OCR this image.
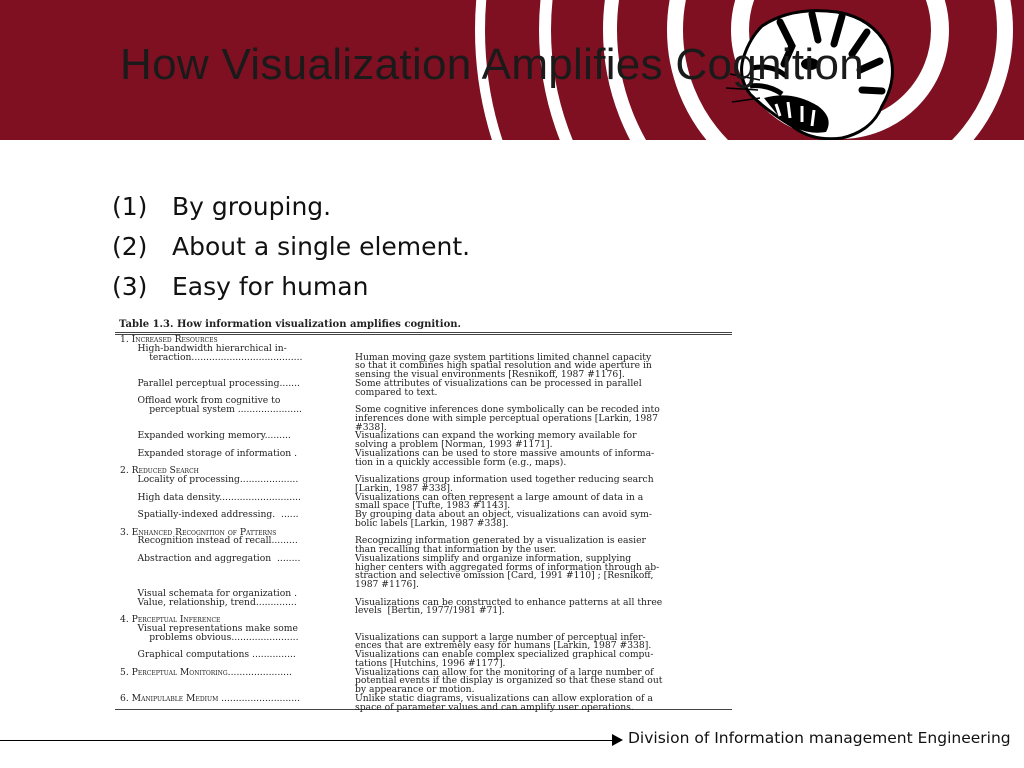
How Visualization Amplifies Cognition
(1) By grouping.
(2) About a single element.
(3) Easy for human
Table 1.3. How information visualization amplifies cognition.
1. Increased Resources
High-bandwidth hierarchical in-
teraction......................................	Human moving gaze system partitions limited channel capacity
so that it combines high spatial resolution and wide aperture in
sensing the visual environments [Resnikoff, 1987 #1176].
Parallel perceptual processing.......	Some attributes of visualizations can be processed in parallel
compared to text.
Offload work from cognitive to
perceptual system ......................	Some cognitive inferences done symbolically can be recoded into
inferences done with simple perceptual operations [Larkin, 1987
#338].
Expanded working memory.........	Visualizations can expand the working memory available for
solving a problem [Norman, 1993 #1171].
Expanded storage of information .	Visualizations can be used to store massive amounts of informa-
tion in a quickly accessible form (e.g., maps).
2. Reduced Search
Locality of processing....................	Visualizations group information used together reducing search
[Larkin, 1987 #338].
High data density............................	Visualizations can often represent a large amount of data in a
small space [Tufte, 1983 #1143].
Spatially-indexed addressing.  ......	By grouping data about an object, visualizations can avoid sym-
bolic labels [Larkin, 1987 #338].
3. Enhanced Recognition of Patterns
Recognition instead of recall.........	Recognizing information generated by a visualization is easier
than recalling that information by the user.
Abstraction and aggregation  ........	Visualizations simplify and organize information, supplying
higher centers with aggregated forms of information through ab-
straction and selective omission [Card, 1991 #110] ; [Resnikoff,
1987 #1176].
Visual schemata for organization .
Value, relationship, trend..............	Visualizations can be constructed to enhance patterns at all three
levels  [Bertin, 1977/1981 #71].
4. Perceptual Inference
Visual representations make some
problems obvious.......................	Visualizations can support a large number of perceptual infer-
ences that are extremely easy for humans [Larkin, 1987 #338].
Graphical computations ...............	Visualizations can enable complex specialized graphical compu-
tations [Hutchins, 1996 #1177].
5. Perceptual Monitoring......................	Visualizations can allow for the monitoring of a large number of
potential events if the display is organized so that these stand out
by appearance or motion.
6. Manipulable Medium ...........................	Unlike static diagrams, visualizations can allow exploration of a
space of parameter values and can amplify user operations.
Division of Information management Engineering
